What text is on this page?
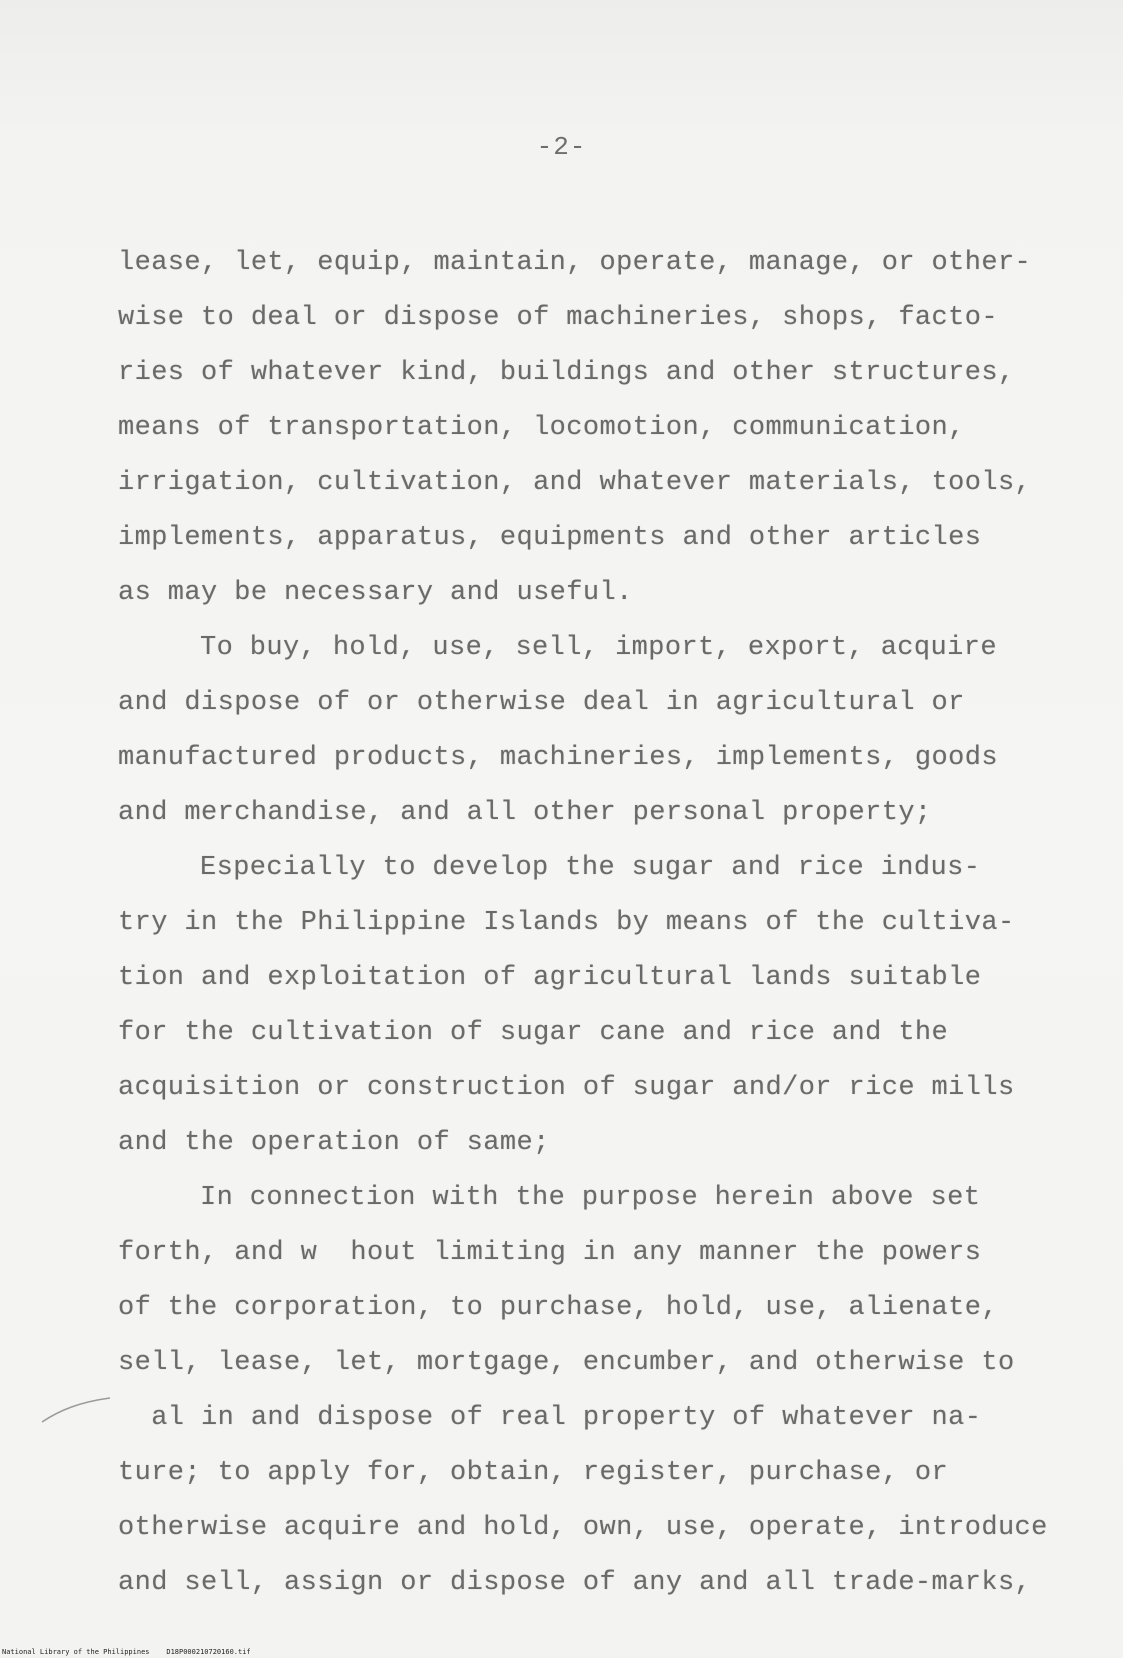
-2-
lease, let, equip, maintain, operate, manage, or other-
wise to deal or dispose of machineries, shops, facto-
ries of whatever kind, buildings and other structures,
means of transportation, locomotion, communication,
irrigation, cultivation, and whatever materials, tools,
implements, apparatus, equipments and other articles
as may be necessary and useful.
To buy, hold, use, sell, import, export, acquire
and dispose of or otherwise deal in agricultural or
manufactured products, machineries, implements, goods
and merchandise, and all other personal property;
Especially to develop the sugar and rice indus-
try in the Philippine Islands by means of the cultiva-
tion and exploitation of agricultural lands suitable
for the cultivation of sugar cane and rice and the
acquisition or construction of sugar and/or rice mills
and the operation of same;
In connection with the purpose herein above set
forth, and w  hout limiting in any manner the powers
of the corporation, to purchase, hold, use, alienate,
sell, lease, let, mortgage, encumber, and otherwise to
al in and dispose of real property of whatever na-
ture; to apply for, obtain, register, purchase, or
otherwise acquire and hold, own, use, operate, introduce
and sell, assign or dispose of any and all trade-marks,
National Library of the Philippines    D18P000210720160.tif
